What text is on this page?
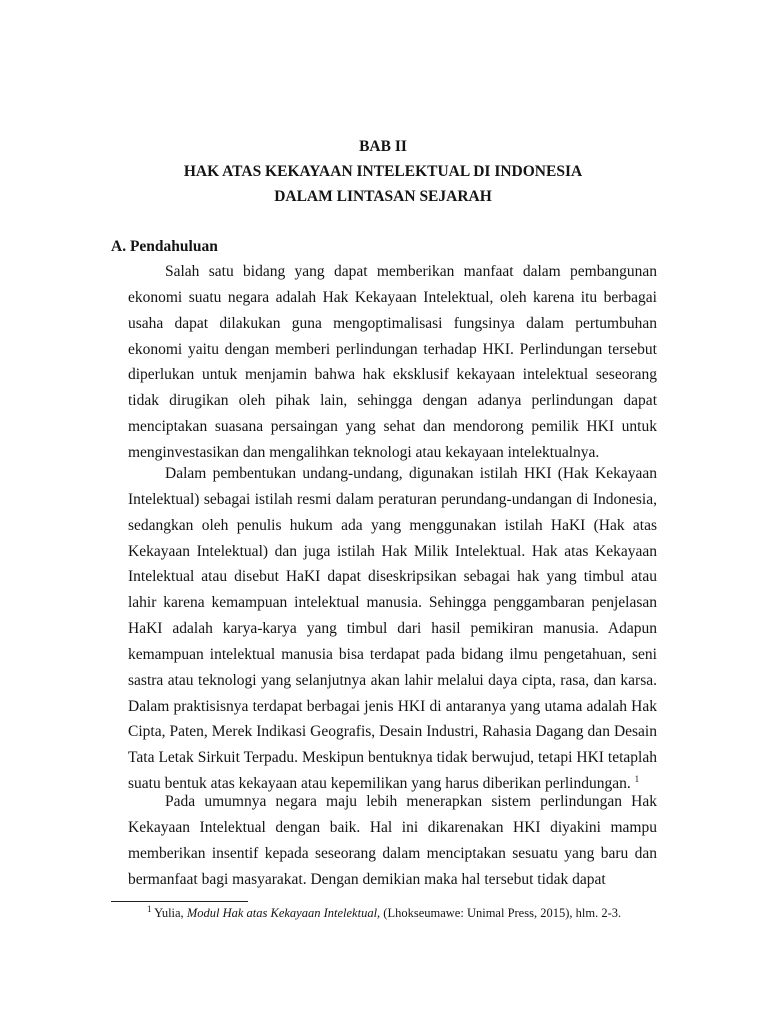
BAB II
HAK ATAS KEKAYAAN INTELEKTUAL DI INDONESIA
DALAM LINTASAN SEJARAH
A. Pendahuluan

Salah satu bidang yang dapat memberikan manfaat dalam pembangunan ekonomi suatu negara adalah Hak Kekayaan Intelektual, oleh karena itu berbagai usaha dapat dilakukan guna mengoptimalisasi fungsinya dalam pertumbuhan ekonomi yaitu dengan memberi perlindungan terhadap HKI. Perlindungan tersebut diperlukan untuk menjamin bahwa hak eksklusif kekayaan intelektual seseorang tidak dirugikan oleh pihak lain, sehingga dengan adanya perlindungan dapat menciptakan suasana persaingan yang sehat dan mendorong pemilik HKI untuk menginvestasikan dan mengalihkan teknologi atau kekayaan intelektualnya.

Dalam pembentukan undang-undang, digunakan istilah HKI (Hak Kekayaan Intelektual) sebagai istilah resmi dalam peraturan perundang-undangan di Indonesia, sedangkan oleh penulis hukum ada yang menggunakan istilah HaKI (Hak atas Kekayaan Intelektual) dan juga istilah Hak Milik Intelektual. Hak atas Kekayaan Intelektual atau disebut HaKI dapat diseskripsikan sebagai hak yang timbul atau lahir karena kemampuan intelektual manusia. Sehingga penggambaran penjelasan HaKI adalah karya-karya yang timbul dari hasil pemikiran manusia. Adapun kemampuan intelektual manusia bisa terdapat pada bidang ilmu pengetahuan, seni sastra atau teknologi yang selanjutnya akan lahir melalui daya cipta, rasa, dan karsa. Dalam praktisisnya terdapat berbagai jenis HKI di antaranya yang utama adalah Hak Cipta, Paten, Merek Indikasi Geografis, Desain Industri, Rahasia Dagang dan Desain Tata Letak Sirkuit Terpadu. Meskipun bentuknya tidak berwujud, tetapi HKI tetaplah suatu bentuk atas kekayaan atau kepemilikan yang harus diberikan perlindungan. $^1$

Pada umumnya negara maju lebih menerapkan sistem perlindungan Hak Kekayaan Intelektual dengan baik. Hal ini dikarenakan HKI diyakini mampu memberikan insentif kepada seseorang dalam menciptakan sesuatu yang baru dan bermanfaat bagi masyarakat. Dengan demikian maka hal tersebut tidak dapat

$^1$ Yulia, Modul Hak atas Kekayaan Intelektual, (Lhokseumawe: Unimal Press, 2015), hlm. 2-3.
